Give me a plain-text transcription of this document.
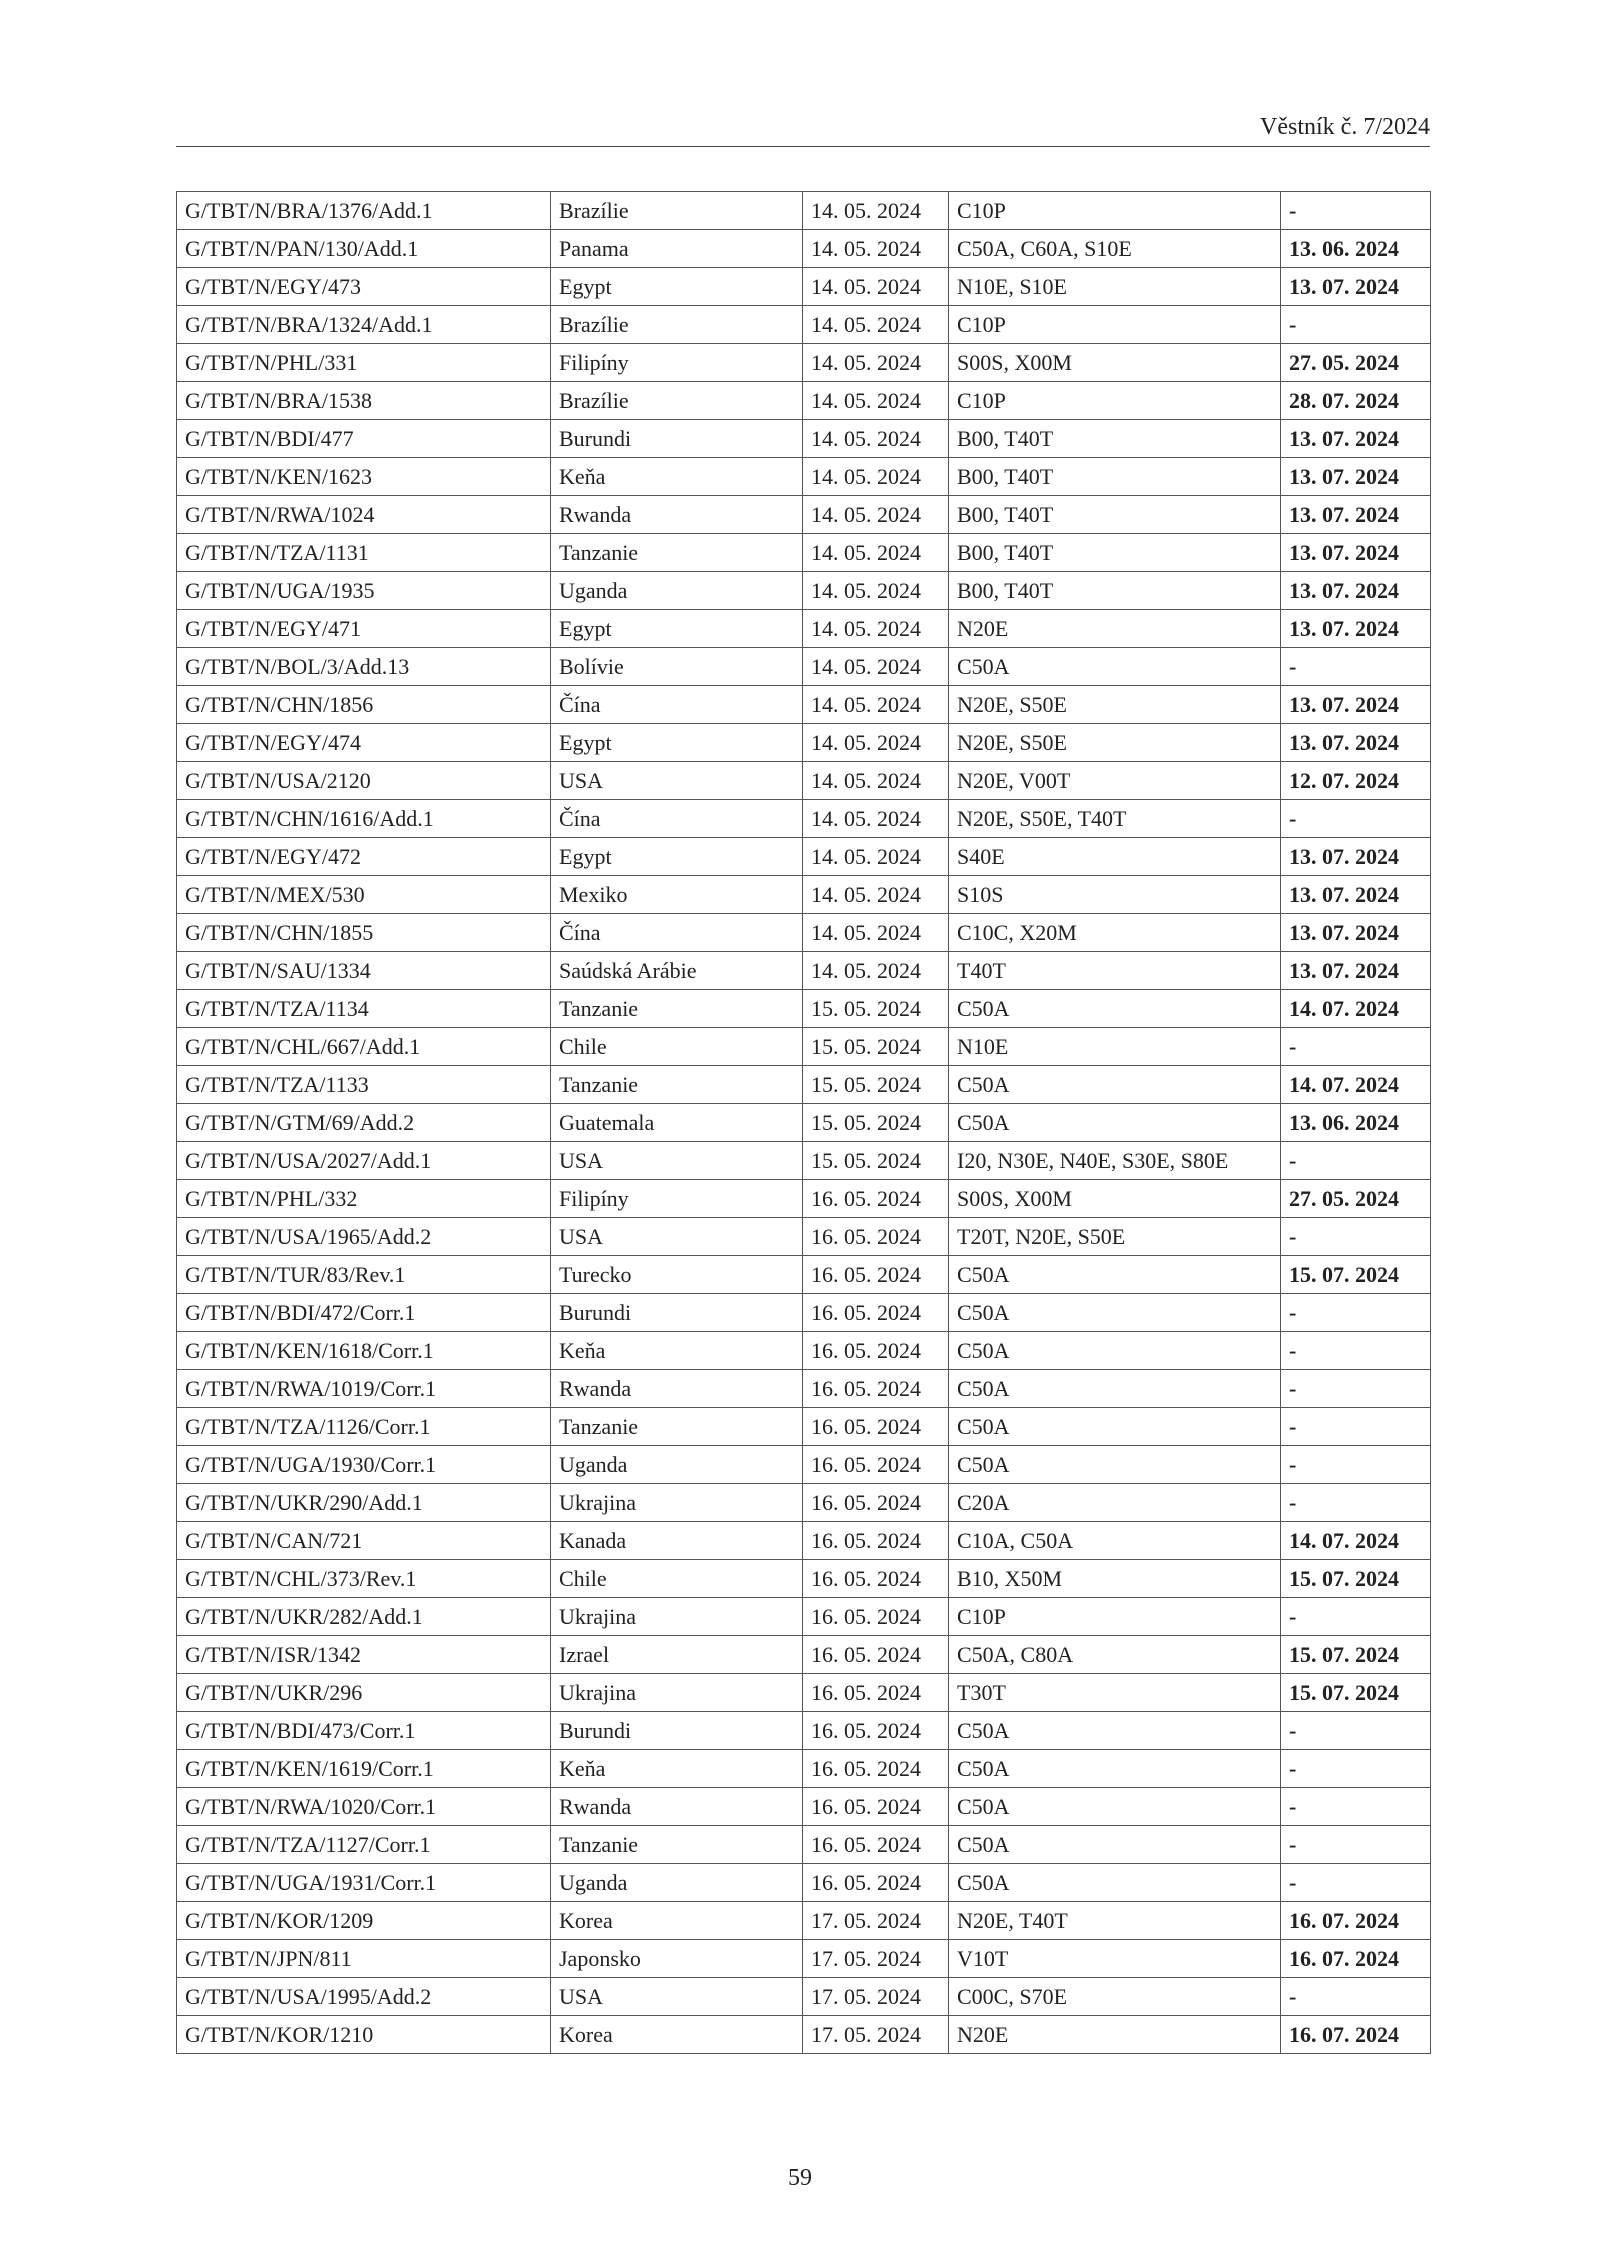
Věstník č. 7/2024
G/TBT/N/BRA/1376/Add.1	Brazílie	14. 05. 2024	C10P	-
G/TBT/N/PAN/130/Add.1	Panama	14. 05. 2024	C50A, C60A, S10E	13. 06. 2024
G/TBT/N/EGY/473	Egypt	14. 05. 2024	N10E, S10E	13. 07. 2024
G/TBT/N/BRA/1324/Add.1	Brazílie	14. 05. 2024	C10P	-
G/TBT/N/PHL/331	Filipíny	14. 05. 2024	S00S, X00M	27. 05. 2024
G/TBT/N/BRA/1538	Brazílie	14. 05. 2024	C10P	28. 07. 2024
G/TBT/N/BDI/477	Burundi	14. 05. 2024	B00, T40T	13. 07. 2024
G/TBT/N/KEN/1623	Keňa	14. 05. 2024	B00, T40T	13. 07. 2024
G/TBT/N/RWA/1024	Rwanda	14. 05. 2024	B00, T40T	13. 07. 2024
G/TBT/N/TZA/1131	Tanzanie	14. 05. 2024	B00, T40T	13. 07. 2024
G/TBT/N/UGA/1935	Uganda	14. 05. 2024	B00, T40T	13. 07. 2024
G/TBT/N/EGY/471	Egypt	14. 05. 2024	N20E	13. 07. 2024
G/TBT/N/BOL/3/Add.13	Bolívie	14. 05. 2024	C50A	-
G/TBT/N/CHN/1856	Čína	14. 05. 2024	N20E, S50E	13. 07. 2024
G/TBT/N/EGY/474	Egypt	14. 05. 2024	N20E, S50E	13. 07. 2024
G/TBT/N/USA/2120	USA	14. 05. 2024	N20E, V00T	12. 07. 2024
G/TBT/N/CHN/1616/Add.1	Čína	14. 05. 2024	N20E, S50E, T40T	-
G/TBT/N/EGY/472	Egypt	14. 05. 2024	S40E	13. 07. 2024
G/TBT/N/MEX/530	Mexiko	14. 05. 2024	S10S	13. 07. 2024
G/TBT/N/CHN/1855	Čína	14. 05. 2024	C10C, X20M	13. 07. 2024
G/TBT/N/SAU/1334	Saúdská Arábie	14. 05. 2024	T40T	13. 07. 2024
G/TBT/N/TZA/1134	Tanzanie	15. 05. 2024	C50A	14. 07. 2024
G/TBT/N/CHL/667/Add.1	Chile	15. 05. 2024	N10E	-
G/TBT/N/TZA/1133	Tanzanie	15. 05. 2024	C50A	14. 07. 2024
G/TBT/N/GTM/69/Add.2	Guatemala	15. 05. 2024	C50A	13. 06. 2024
G/TBT/N/USA/2027/Add.1	USA	15. 05. 2024	I20, N30E, N40E, S30E, S80E	-
G/TBT/N/PHL/332	Filipíny	16. 05. 2024	S00S, X00M	27. 05. 2024
G/TBT/N/USA/1965/Add.2	USA	16. 05. 2024	T20T, N20E, S50E	-
G/TBT/N/TUR/83/Rev.1	Turecko	16. 05. 2024	C50A	15. 07. 2024
G/TBT/N/BDI/472/Corr.1	Burundi	16. 05. 2024	C50A	-
G/TBT/N/KEN/1618/Corr.1	Keňa	16. 05. 2024	C50A	-
G/TBT/N/RWA/1019/Corr.1	Rwanda	16. 05. 2024	C50A	-
G/TBT/N/TZA/1126/Corr.1	Tanzanie	16. 05. 2024	C50A	-
G/TBT/N/UGA/1930/Corr.1	Uganda	16. 05. 2024	C50A	-
G/TBT/N/UKR/290/Add.1	Ukrajina	16. 05. 2024	C20A	-
G/TBT/N/CAN/721	Kanada	16. 05. 2024	C10A, C50A	14. 07. 2024
G/TBT/N/CHL/373/Rev.1	Chile	16. 05. 2024	B10, X50M	15. 07. 2024
G/TBT/N/UKR/282/Add.1	Ukrajina	16. 05. 2024	C10P	-
G/TBT/N/ISR/1342	Izrael	16. 05. 2024	C50A, C80A	15. 07. 2024
G/TBT/N/UKR/296	Ukrajina	16. 05. 2024	T30T	15. 07. 2024
G/TBT/N/BDI/473/Corr.1	Burundi	16. 05. 2024	C50A	-
G/TBT/N/KEN/1619/Corr.1	Keňa	16. 05. 2024	C50A	-
G/TBT/N/RWA/1020/Corr.1	Rwanda	16. 05. 2024	C50A	-
G/TBT/N/TZA/1127/Corr.1	Tanzanie	16. 05. 2024	C50A	-
G/TBT/N/UGA/1931/Corr.1	Uganda	16. 05. 2024	C50A	-
G/TBT/N/KOR/1209	Korea	17. 05. 2024	N20E, T40T	16. 07. 2024
G/TBT/N/JPN/811	Japonsko	17. 05. 2024	V10T	16. 07. 2024
G/TBT/N/USA/1995/Add.2	USA	17. 05. 2024	C00C, S70E	-
G/TBT/N/KOR/1210	Korea	17. 05. 2024	N20E	16. 07. 2024
59
